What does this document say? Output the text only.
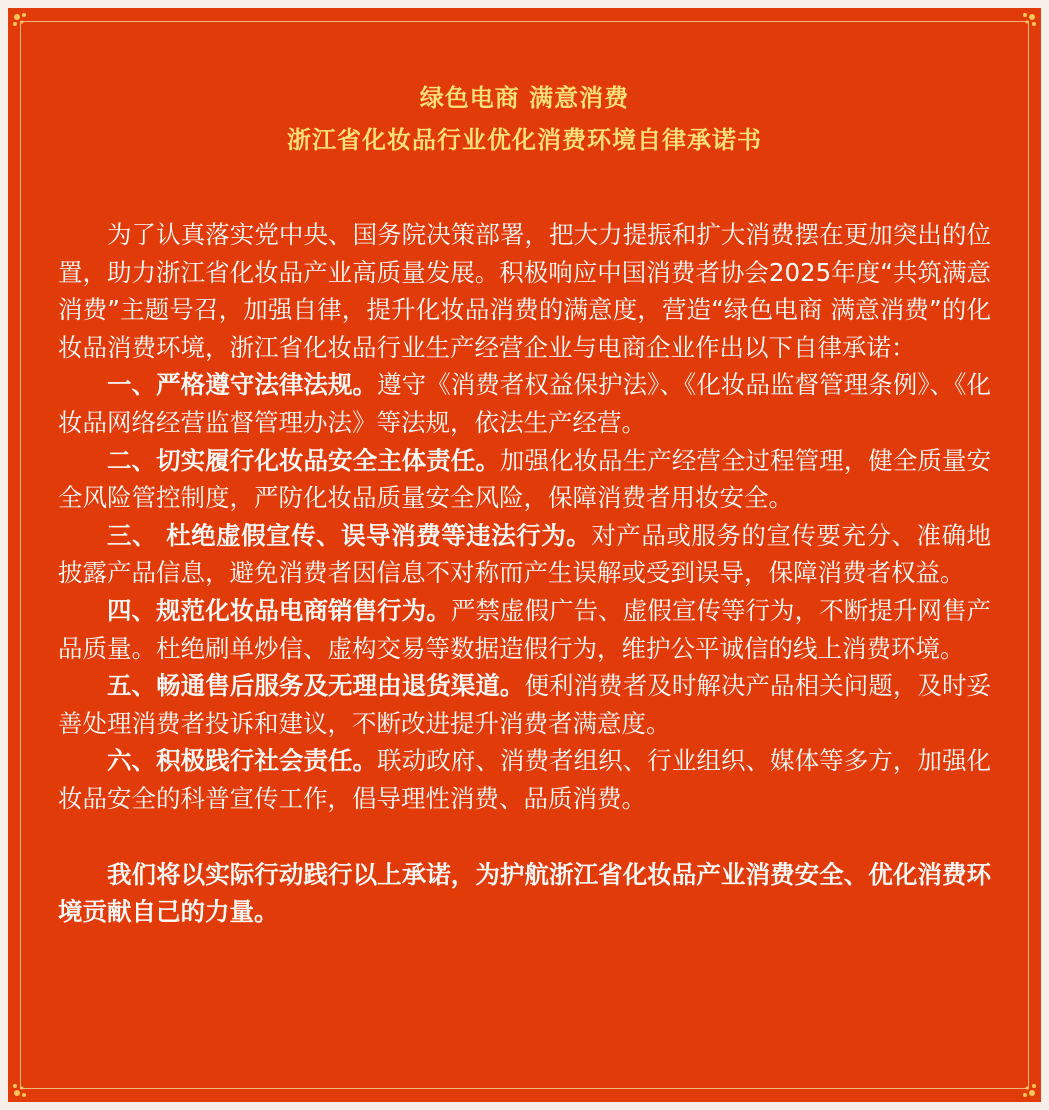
绿色电商 满意消费
浙江省化妆品行业优化消费环境自律承诺书

为了认真落实党中央、国务院决策部署，把大力提振和扩大消费摆在更加突出的位置，助力浙江省化妆品产业高质量发展。积极响应中国消费者协会2025年度“共筑满意消费”主题号召，加强自律，提升化妆品消费的满意度，营造“绿色电商 满意消费”的化妆品消费环境，浙江省化妆品行业生产经营企业与电商企业作出以下自律承诺：

一、严格遵守法律法规。遵守《消费者权益保护法》、《化妆品监督管理条例》、《化妆品网络经营监督管理办法》等法规，依法生产经营。

二、切实履行化妆品安全主体责任。加强化妆品生产经营全过程管理，健全质量安全风险管控制度，严防化妆品质量安全风险，保障消费者用妆安全。

三、 杜绝虚假宣传、误导消费等违法行为。对产品或服务的宣传要充分、准确地披露产品信息，避免消费者因信息不对称而产生误解或受到误导，保障消费者权益。

四、规范化妆品电商销售行为。严禁虚假广告、虚假宣传等行为，不断提升网售产品质量。杜绝刷单炒信、虚构交易等数据造假行为，维护公平诚信的线上消费环境。

五、畅通售后服务及无理由退货渠道。便利消费者及时解决产品相关问题，及时妥善处理消费者投诉和建议，不断改进提升消费者满意度。

六、积极践行社会责任。联动政府、消费者组织、行业组织、媒体等多方，加强化妆品安全的科普宣传工作，倡导理性消费、品质消费。

我们将以实际行动践行以上承诺，为护航浙江省化妆品产业消费安全、优化消费环境贡献自己的力量。
